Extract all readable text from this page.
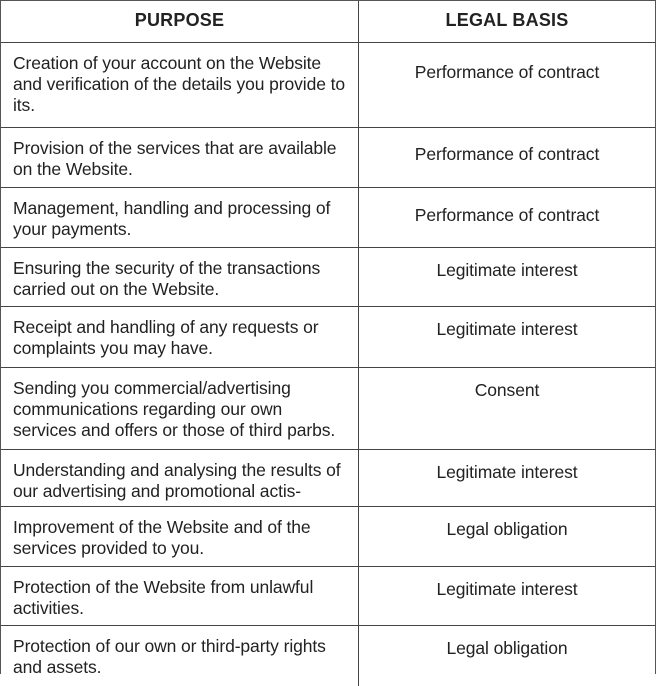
PURPOSE	LEGAL BASIS
Creation of your account on the Website and verification of the details you provide to its.
Performance of contract
Provision of the services that are available on the Website.
Performance of contract
Management, handling and processing of your payments.
Performance of contract
Ensuring the security of the transactions carried out on the Website.
Legitimate interest
Receipt and handling of any requests or complaints you may have.
Legitimate interest
Sending you commercial/advertising communications regarding our own services and offers or those of third parbs.
Consent
Understanding and analysing the results of our advertising and promotional actis-
Legitimate interest
Improvement of the Website and of the services provided to you.
Legal obligation
Protection of the Website from unlawful activities.
Legitimate interest
Protection of our own or third-party rights and assets.
Legal obligation
